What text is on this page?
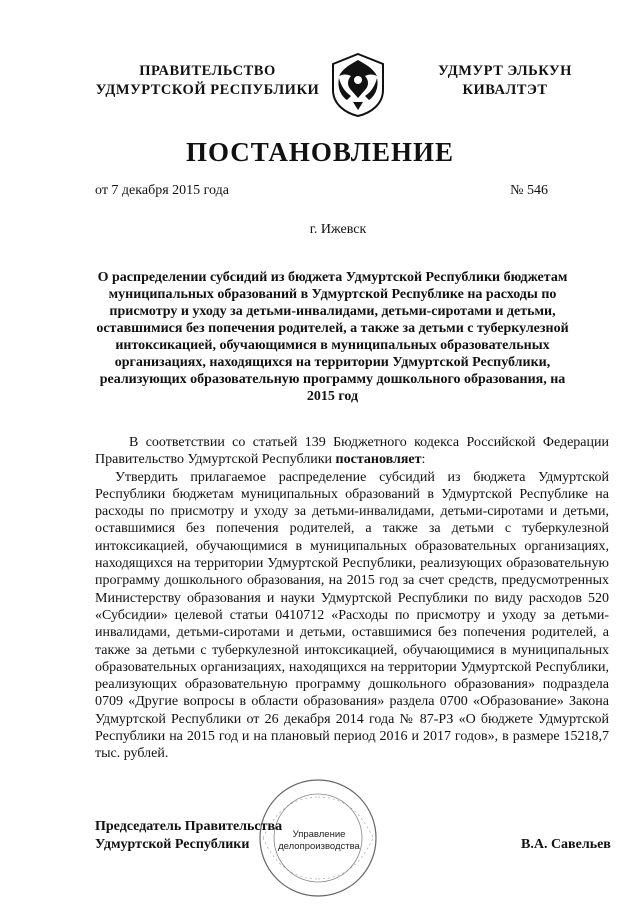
ПРАВИТЕЛЬСТВО
УДМУРТСКОЙ РЕСПУБЛИКИ
УДМУРТ ЭЛЬКУН
КИВАЛТЭТ
ПОСТАНОВЛЕНИЕ
от 7 декабря 2015 года	№ 546
г. Ижевск
О распределении субсидий из бюджета Удмуртской Республики бюджетам муниципальных образований в Удмуртской Республике на расходы по присмотру и уходу за детьми-инвалидами, детьми-сиротами и детьми, оставшимися без попечения родителей, а также за детьми с туберкулезной интоксикацией, обучающимися в муниципальных образовательных организациях, находящихся на территории Удмуртской Республики, реализующих образовательную программу дошкольного образования, на 2015 год

В соответствии со статьей 139 Бюджетного кодекса Российской Федерации Правительство Удмуртской Республики постановляет:

Утвердить прилагаемое распределение субсидий из бюджета Удмуртской Республики бюджетам муниципальных образований в Удмуртской Республике на расходы по присмотру и уходу за детьми-инвалидами, детьми-сиротами и детьми, оставшимися без попечения родителей, а также за детьми с туберкулезной интоксикацией, обучающимися в муниципальных образовательных организациях, находящихся на территории Удмуртской Республики, реализующих образовательную программу дошкольного образования, на 2015 год за счет средств, предусмотренных Министерству образования и науки Удмуртской Республики по виду расходов 520 «Субсидии» целевой статьи 0410712 «Расходы по присмотру и уходу за детьми-инвалидами, детьми-сиротами и детьми, оставшимися без попечения родителей, а также за детьми с туберкулезной интоксикацией, обучающимися в муниципальных образовательных организациях, находящихся на территории Удмуртской Республики, реализующих образовательную программу дошкольного образования» подраздела 0709 «Другие вопросы в области образования» раздела 0700 «Образование» Закона Удмуртской Республики от 26 декабря 2014 года № 87-РЗ «О бюджете Удмуртской Республики на 2015 год и на плановый период 2016 и 2017 годов», в размере 15218,7 тыс. рублей.

Председатель Правительства
Удмуртской Республики
Управление
делопроизводства	В.А. Савельев
